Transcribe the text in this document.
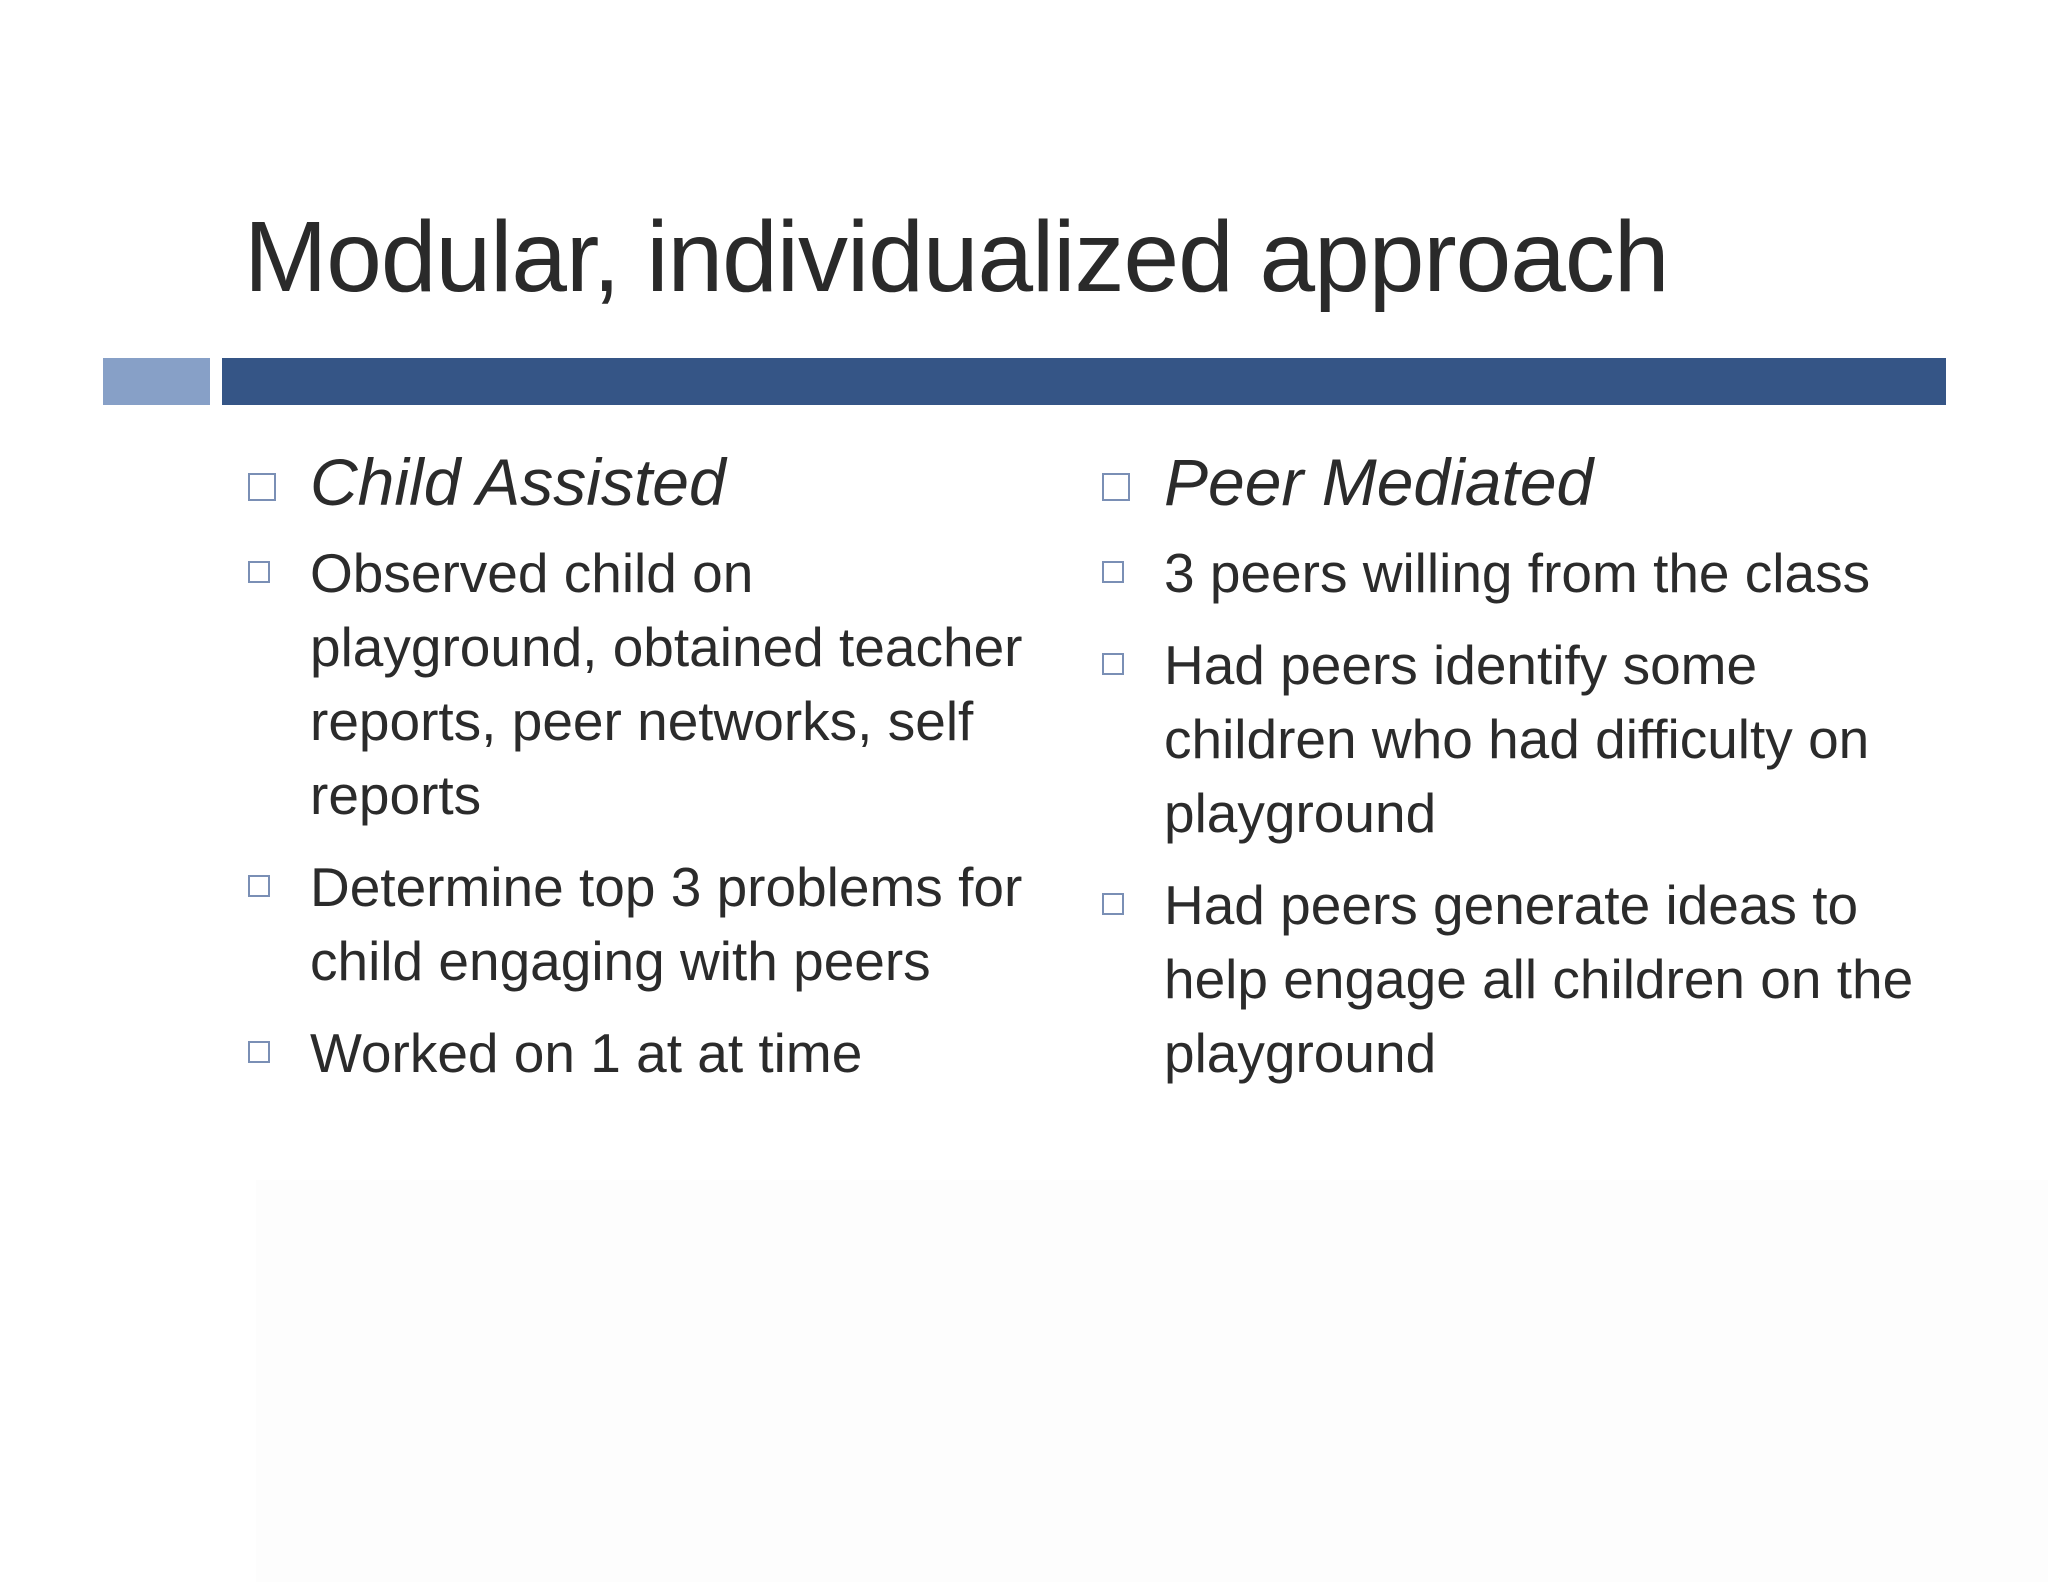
Modular, individualized approach
Child Assisted
Observed child on playground, obtained teacher reports, peer networks, self reports
Determine top 3 problems for child engaging with peers
Worked on 1 at at time
Peer Mediated
3 peers willing from the class
Had peers identify some children who had difficulty on playground
Had peers generate ideas to help engage all children on the playground
